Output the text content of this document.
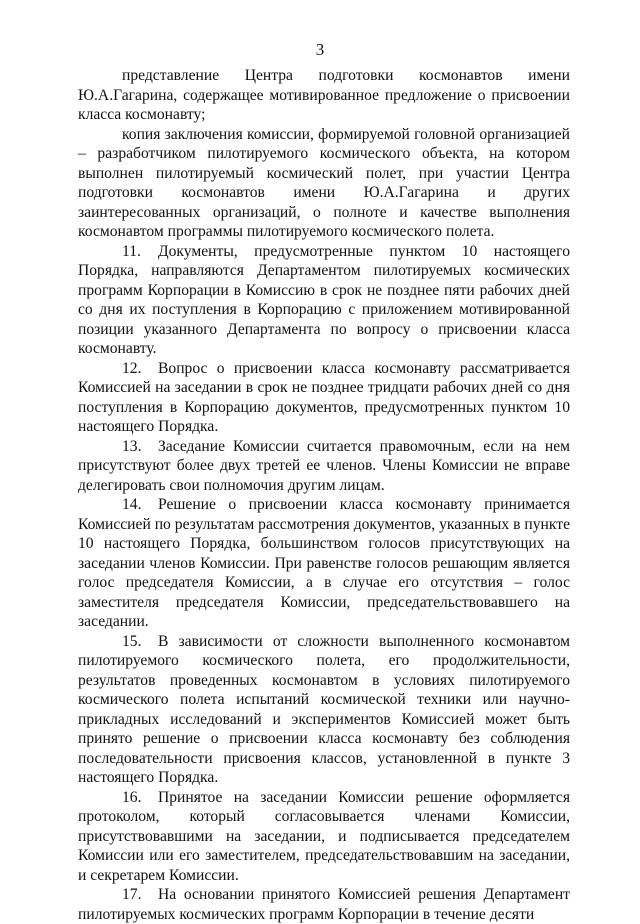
3

представление Центра подготовки космонавтов имени Ю.А.Гагарина, содержащее мотивированное предложение о присвоении класса космонавту;

копия заключения комиссии, формируемой головной организацией – разработчиком пилотируемого космического объекта, на котором выполнен пилотируемый космический полет, при участии Центра подготовки космонавтов имени Ю.А.Гагарина и других заинтересованных организаций, о полноте и качестве выполнения космонавтом программы пилотируемого космического полета.

11. Документы, предусмотренные пунктом 10 настоящего Порядка, направляются Департаментом пилотируемых космических программ Корпорации в Комиссию в срок не позднее пяти рабочих дней со дня их поступления в Корпорацию с приложением мотивированной позиции указанного Департамента по вопросу о присвоении класса космонавту.

12. Вопрос о присвоении класса космонавту рассматривается Комиссией на заседании в срок не позднее тридцати рабочих дней со дня поступления в Корпорацию документов, предусмотренных пунктом 10 настоящего Порядка.

13. Заседание Комиссии считается правомочным, если на нем присутствуют более двух третей ее членов. Члены Комиссии не вправе делегировать свои полномочия другим лицам.

14. Решение о присвоении класса космонавту принимается Комиссией по результатам рассмотрения документов, указанных в пункте 10 настоящего Порядка, большинством голосов присутствующих на заседании членов Комиссии. При равенстве голосов решающим является голос председателя Комиссии, а в случае его отсутствия – голос заместителя председателя Комиссии, председательствовавшего на заседании.

15. В зависимости от сложности выполненного космонавтом пилотируемого космического полета, его продолжительности, результатов проведенных космонавтом в условиях пилотируемого космического полета испытаний космической техники или научно-прикладных исследований и экспериментов Комиссией может быть принято решение о присвоении класса космонавту без соблюдения последовательности присвоения классов, установленной в пункте 3 настоящего Порядка.

16. Принятое на заседании Комиссии решение оформляется протоколом, который согласовывается членами Комиссии, присутствовавшими на заседании, и подписывается председателем Комиссии или его заместителем, председательствовавшим на заседании, и секретарем Комиссии.

17. На основании принятого Комиссией решения Департамент пилотируемых космических программ Корпорации в течение десяти
